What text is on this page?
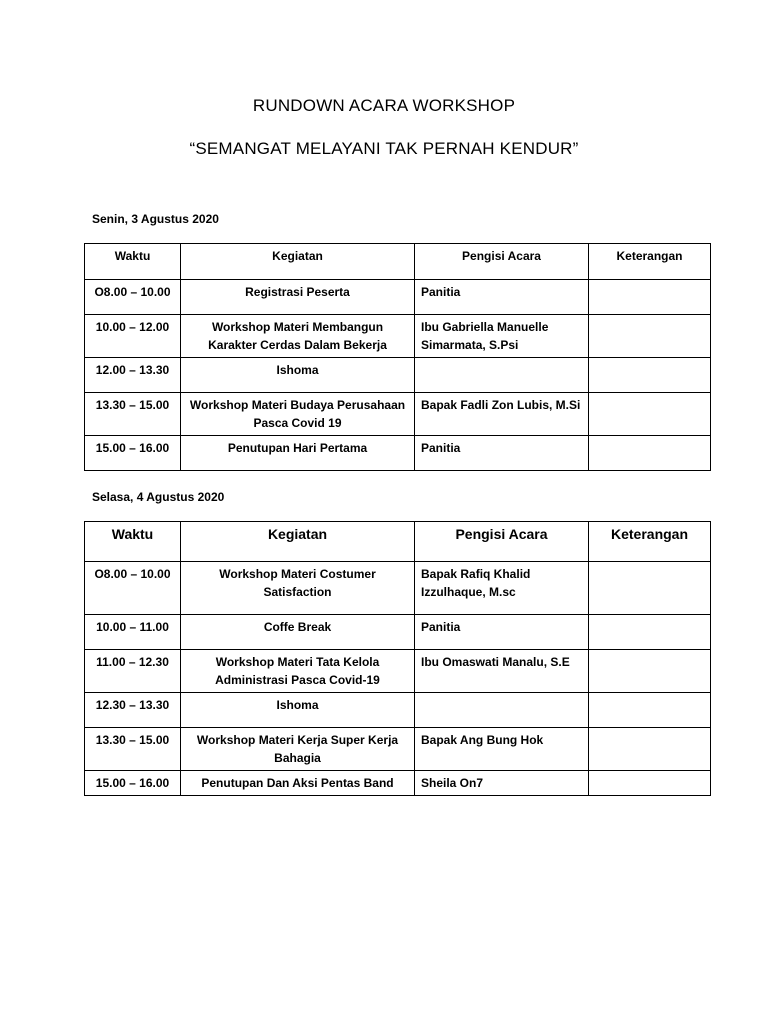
RUNDOWN ACARA WORKSHOP
“SEMANGAT MELAYANI TAK PERNAH KENDUR”
Senin, 3 Agustus 2020
Waktu	Kegiatan	Pengisi Acara	Keterangan
O8.00 – 10.00	Registrasi Peserta	Panitia	
10.00 – 12.00	Workshop Materi Membangun Karakter Cerdas Dalam Bekerja	Ibu Gabriella Manuelle Simarmata, S.Psi	
12.00 – 13.30	Ishoma		
13.30 – 15.00	Workshop Materi Budaya Perusahaan Pasca Covid 19	Bapak Fadli Zon Lubis, M.Si	
15.00 – 16.00	Penutupan Hari Pertama	Panitia	
Selasa, 4 Agustus 2020
Waktu	Kegiatan	Pengisi Acara	Keterangan
O8.00 – 10.00	Workshop Materi Costumer Satisfaction	Bapak Rafiq Khalid Izzulhaque, M.sc	
10.00 – 11.00	Coffe Break	Panitia	
11.00 – 12.30	Workshop Materi Tata Kelola Administrasi Pasca Covid-19	Ibu Omaswati Manalu, S.E	
12.30 – 13.30	Ishoma		
13.30 – 15.00	Workshop Materi Kerja Super Kerja Bahagia	Bapak Ang Bung Hok	
15.00 – 16.00	Penutupan Dan Aksi Pentas Band	Sheila On7	
